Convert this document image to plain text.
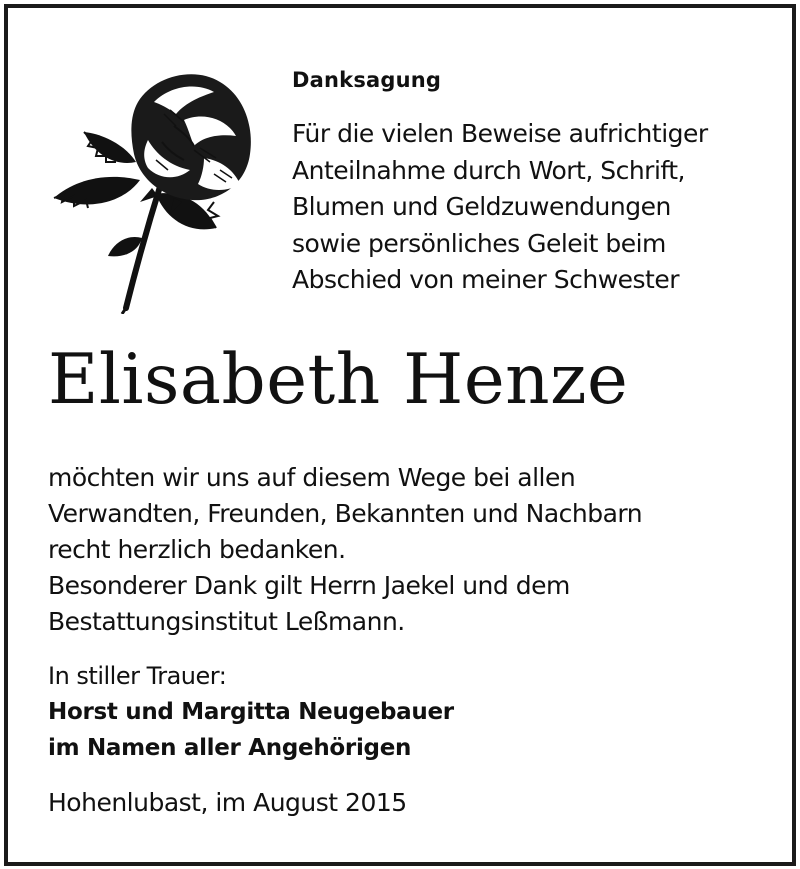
Danksagung
Für die vielen Beweise aufrichtiger
Anteilnahme durch Wort, Schrift,
Blumen und Geldzuwendungen
sowie persönliches Geleit beim
Abschied von meiner Schwester
Elisabeth Henze
möchten wir uns auf diesem Wege bei allen
Verwandten, Freunden, Bekannten und Nachbarn
recht herzlich bedanken.
Besonderer Dank gilt Herrn Jaekel und dem
Bestattungsinstitut Leßmann.
In stiller Trauer:
Horst und Margitta Neugebauer
im Namen aller Angehörigen
Hohenlubast, im August 2015
